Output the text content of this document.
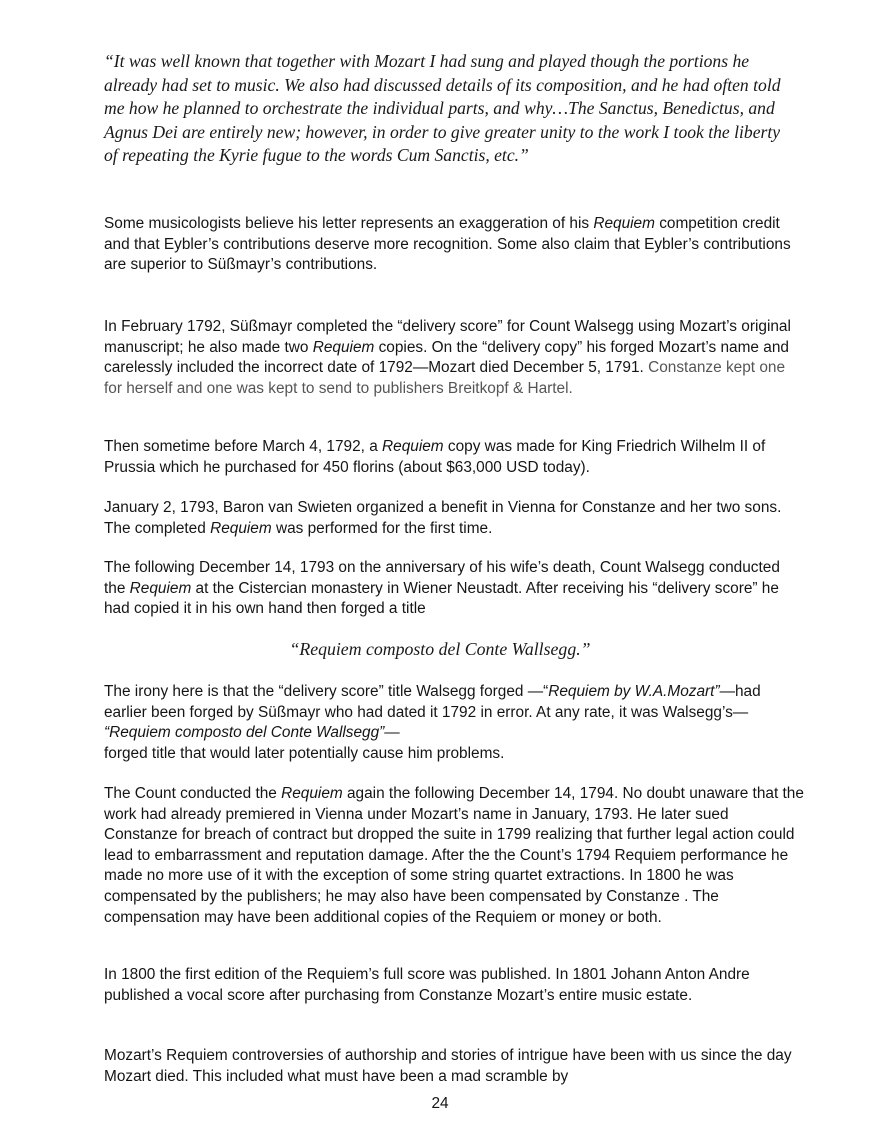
“It was well known that together with Mozart I had sung and played though the portions he already had set to music. We also had discussed details of its composition, and he had often told me how he planned to orchestrate the individual parts, and why…The Sanctus, Benedictus, and Agnus Dei are entirely new; however, in order to give greater unity to the work I took the liberty of repeating the Kyrie fugue to the words Cum Sanctis, etc.”
Some musicologists believe his letter represents an exaggeration of his Requiem competition credit and that Eybler’s contributions deserve more recognition. Some also claim that Eybler’s contributions are superior to Süßmayr’s contributions.
In February 1792, Süßmayr completed the “delivery score” for Count Walsegg using Mozart’s original manuscript; he also made two Requiem copies. On the “delivery copy” his forged Mozart’s name and carelessly included the incorrect date of 1792—Mozart died December 5, 1791. Constanze kept one for herself and one was kept to send to publishers Breitkopf & Hartel.
Then sometime before March 4, 1792, a Requiem copy was made for King Friedrich Wilhelm II of Prussia which he purchased for 450 florins (about $63,000 USD today).
January 2, 1793, Baron van Swieten organized a benefit in Vienna for Constanze and her two sons. The completed Requiem was performed for the first time.
The following December 14, 1793 on the anniversary of his wife’s death, Count Walsegg conducted the Requiem at the Cistercian monastery in Wiener Neustadt. After receiving his “delivery score” he had copied it in his own hand then forged a title
“Requiem composto del Conte Wallsegg.”
The irony here is that the “delivery score” title Walsegg forged —“Requiem by W.A.Mozart”—had earlier been forged by Süßmayr who had dated it 1792 in error. At any rate, it was Walsegg’s— “Requiem composto del Conte Wallsegg”—
forged title that would later potentially cause him problems.
The Count conducted the Requiem again the following December 14, 1794. No doubt unaware that the work had already premiered in Vienna under Mozart’s name in January, 1793. He later sued Constanze for breach of contract but dropped the suite in 1799 realizing that further legal action could lead to embarrassment and reputation damage. After the the Count’s 1794 Requiem performance he made no more use of it with the exception of some string quartet extractions. In 1800 he was compensated by the publishers; he may also have been compensated by Constanze . The compensation may have been additional copies of the Requiem or money or both.
In 1800 the first edition of the Requiem’s full score was published. In 1801 Johann Anton Andre published a vocal score after purchasing from Constanze Mozart’s entire music estate.
Mozart’s Requiem controversies of authorship and stories of intrigue have been with us since the day Mozart died. This included what must have been a mad scramble by
24
